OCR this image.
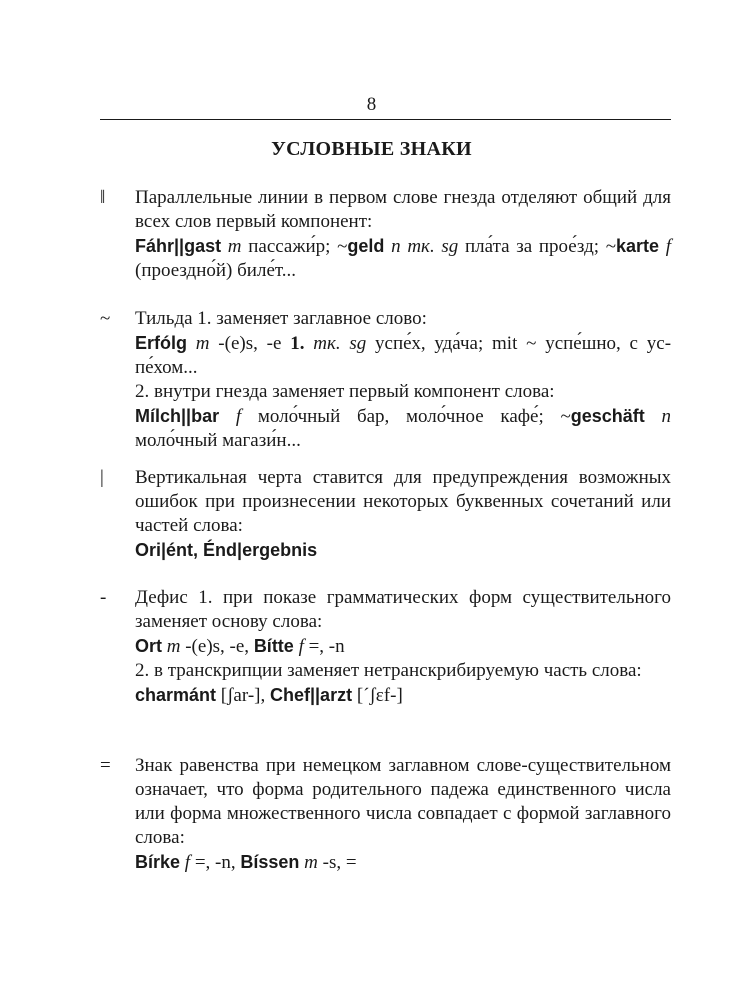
8
УСЛОВНЫЕ ЗНАКИ
‖	Параллельные линии в первом слове гнезда отделяют общий для всех слов первый компонент:
Fáhr||gast m пассажи́р; ~geld n тк. sg пла́та за прое́зд; ~karte f (проездно́й) биле́т...
~	Тильда 1. заменяет заглавное слово:
Erfólg m -(e)s, -e 1. тк. sg успе́х, уда́ча; mit ~ успе́шно, с ус- пе́хом...
2. внутри гнезда заменяет первый компонент слова:
Mílch||bar f моло́чный бар, моло́чное кафе́; ~geschäft n моло́чный магази́н...
|	Вертикальная черта ставится для предупреждения возможных ошибок при произнесении некоторых буквенных сочетаний или частей слова:
Ori|ént, Énd|ergebnis
-	Дефис 1. при показе грамматических форм существительного заменяет основу слова:
Ort m -(e)s, -e, Bítte f =, -n
2. в транскрипции заменяет нетранскрибируемую часть слова:
charmánt [ʃar-], Chef||arzt [ˊʃɛf-]
=	Знак равенства при немецком заглавном слове-существительном означает, что форма родительного падежа единственного числа или форма множественного числа совпадает с формой заглавного слова:
Bírke f =, -n, Bíssen m -s, =
